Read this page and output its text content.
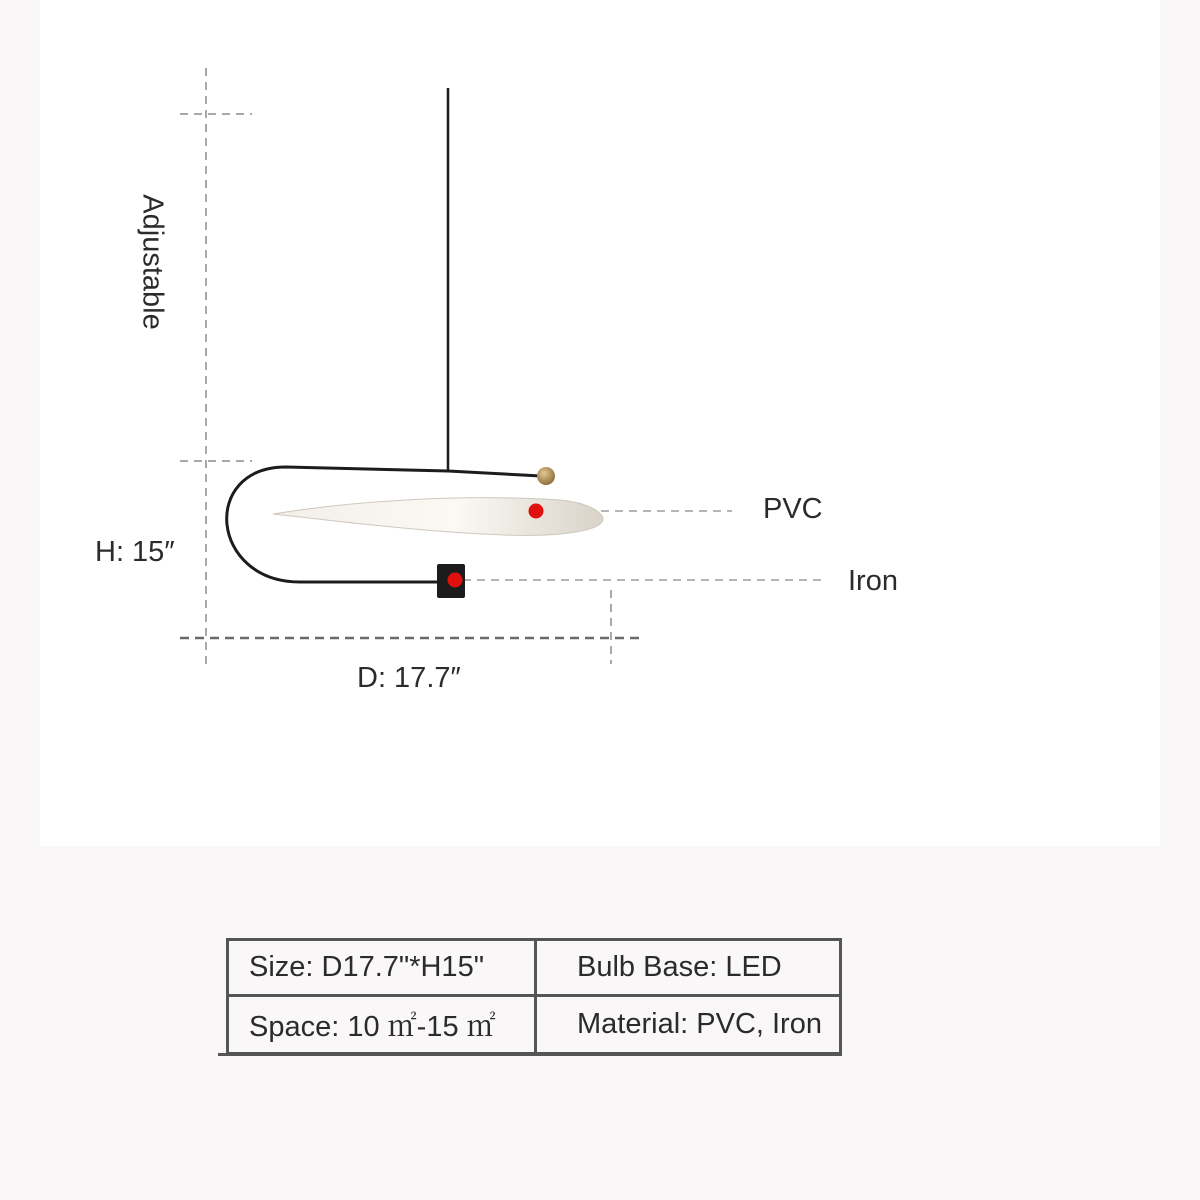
Adjustable
H: 15″
D: 17.7″
PVC
Iron
Size: D17.7"*H15"	Bulb Base: LED
Space: 10 ㎡-15 ㎡	Material: PVC, Iron
